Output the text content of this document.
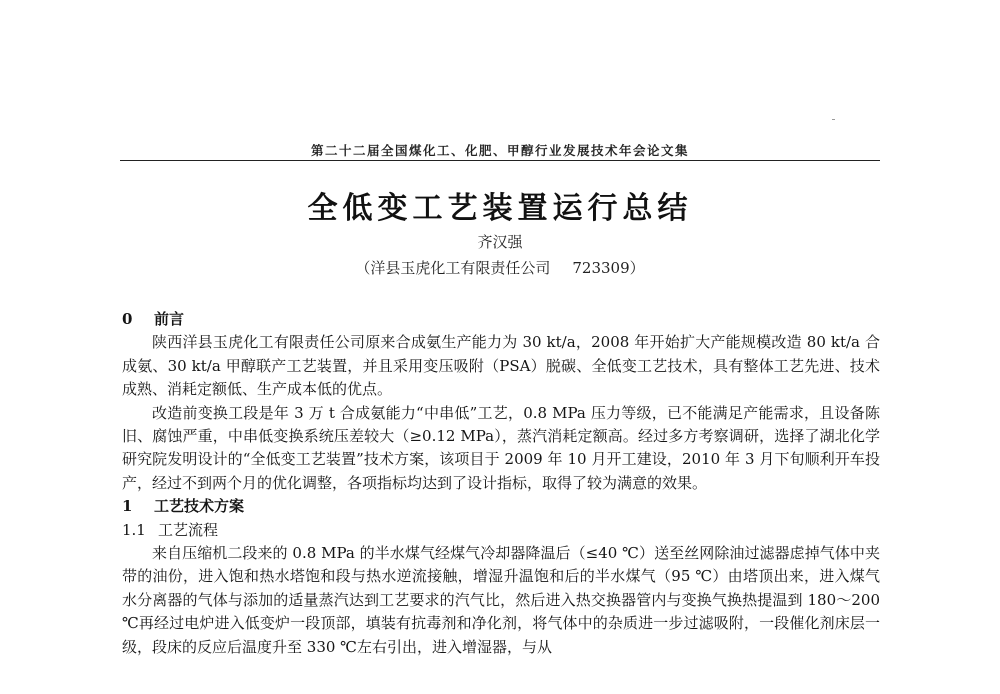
第二十二届全国煤化工、化肥、甲醇行业发展技术年会论文集
全低变工艺装置运行总结
齐汉强
（洋县玉虎化工有限责任公司 723309）

0 前言

陕西洋县玉虎化工有限责任公司原来合成氨生产能力为 30 kt/a，2008 年开始扩大产能规模改造 80 kt/a 合成氨、30 kt/a 甲醇联产工艺装置，并且采用变压吸附（PSA）脱碳、全低变工艺技术，具有整体工艺先进、技术成熟、消耗定额低、生产成本低的优点。

改造前变换工段是年 3 万 t 合成氨能力“中串低”工艺，0.8 MPa 压力等级，已不能满足产能需求，且设备陈旧、腐蚀严重，中串低变换系统压差较大（≥0.12 MPa），蒸汽消耗定额高。经过多方考察调研，选择了湖北化学研究院发明设计的“全低变工艺装置”技术方案，该项目于 2009 年 10 月开工建设，2010 年 3 月下旬顺利开车投产，经过不到两个月的优化调整，各项指标均达到了设计指标，取得了较为满意的效果。

1 工艺技术方案

1.1 工艺流程

来自压缩机二段来的 0.8 MPa 的半水煤气经煤气冷却器降温后（≤40 ℃）送至丝网除油过滤器虑掉气体中夹带的油份，进入饱和热水塔饱和段与热水逆流接触，增湿升温饱和后的半水煤气（95 ℃）由塔顶出来，进入煤气水分离器的气体与添加的适量蒸汽达到工艺要求的汽气比，然后进入热交换器管内与变换气换热提温到 180～200 ℃再经过电炉进入低变炉一段顶部，填装有抗毒剂和净化剂，将气体中的杂质进一步过滤吸附，一段催化剂床层一级，段床的反应后温度升至 330 ℃左右引出，进入增湿器，与从
